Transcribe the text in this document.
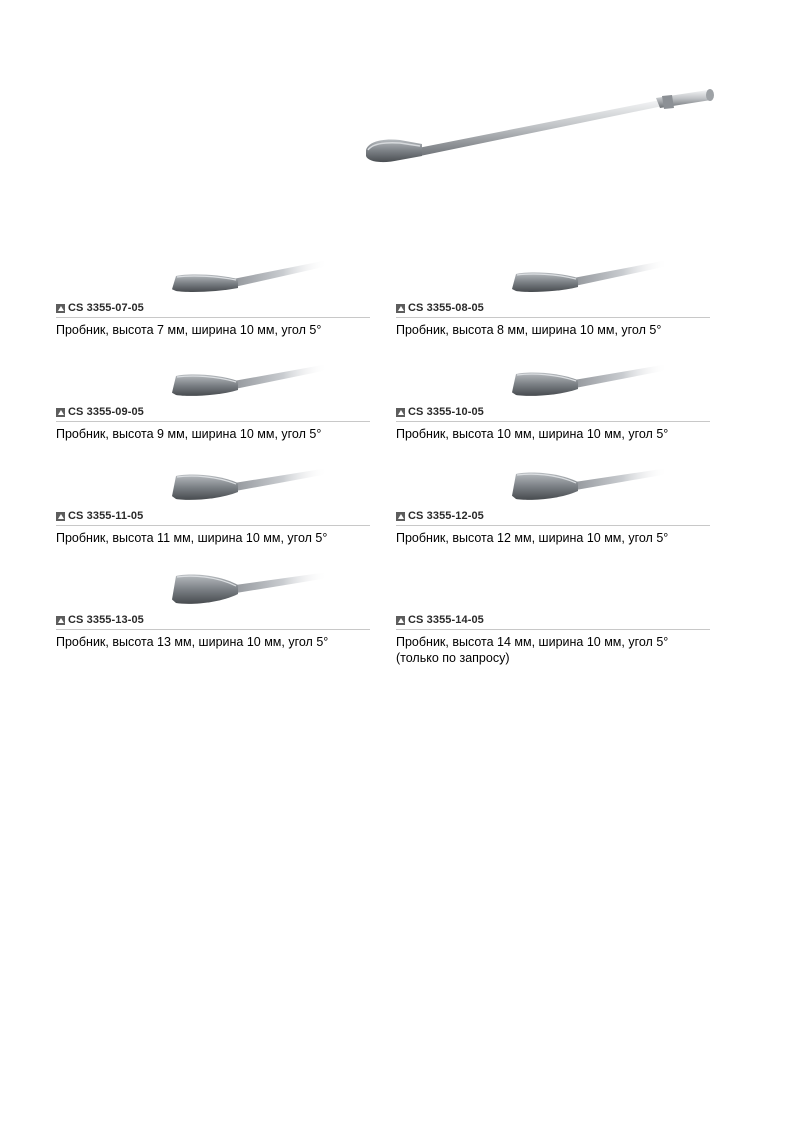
CS 3355-07-05
Пробник, высота 7 мм, ширина 10 мм, угол 5°
CS 3355-08-05
Пробник, высота 8 мм, ширина 10 мм, угол 5°
CS 3355-09-05
Пробник, высота 9 мм, ширина 10 мм, угол 5°
CS 3355-10-05
Пробник, высота 10 мм, ширина 10 мм, угол 5°
CS 3355-11-05
Пробник, высота 11 мм, ширина 10 мм, угол 5°
CS 3355-12-05
Пробник, высота 12 мм, ширина 10 мм, угол 5°
CS 3355-13-05
Пробник, высота 13 мм, ширина 10 мм, угол 5°
CS 3355-14-05
Пробник, высота 14 мм, ширина 10 мм, угол 5°
(только по запросу)
